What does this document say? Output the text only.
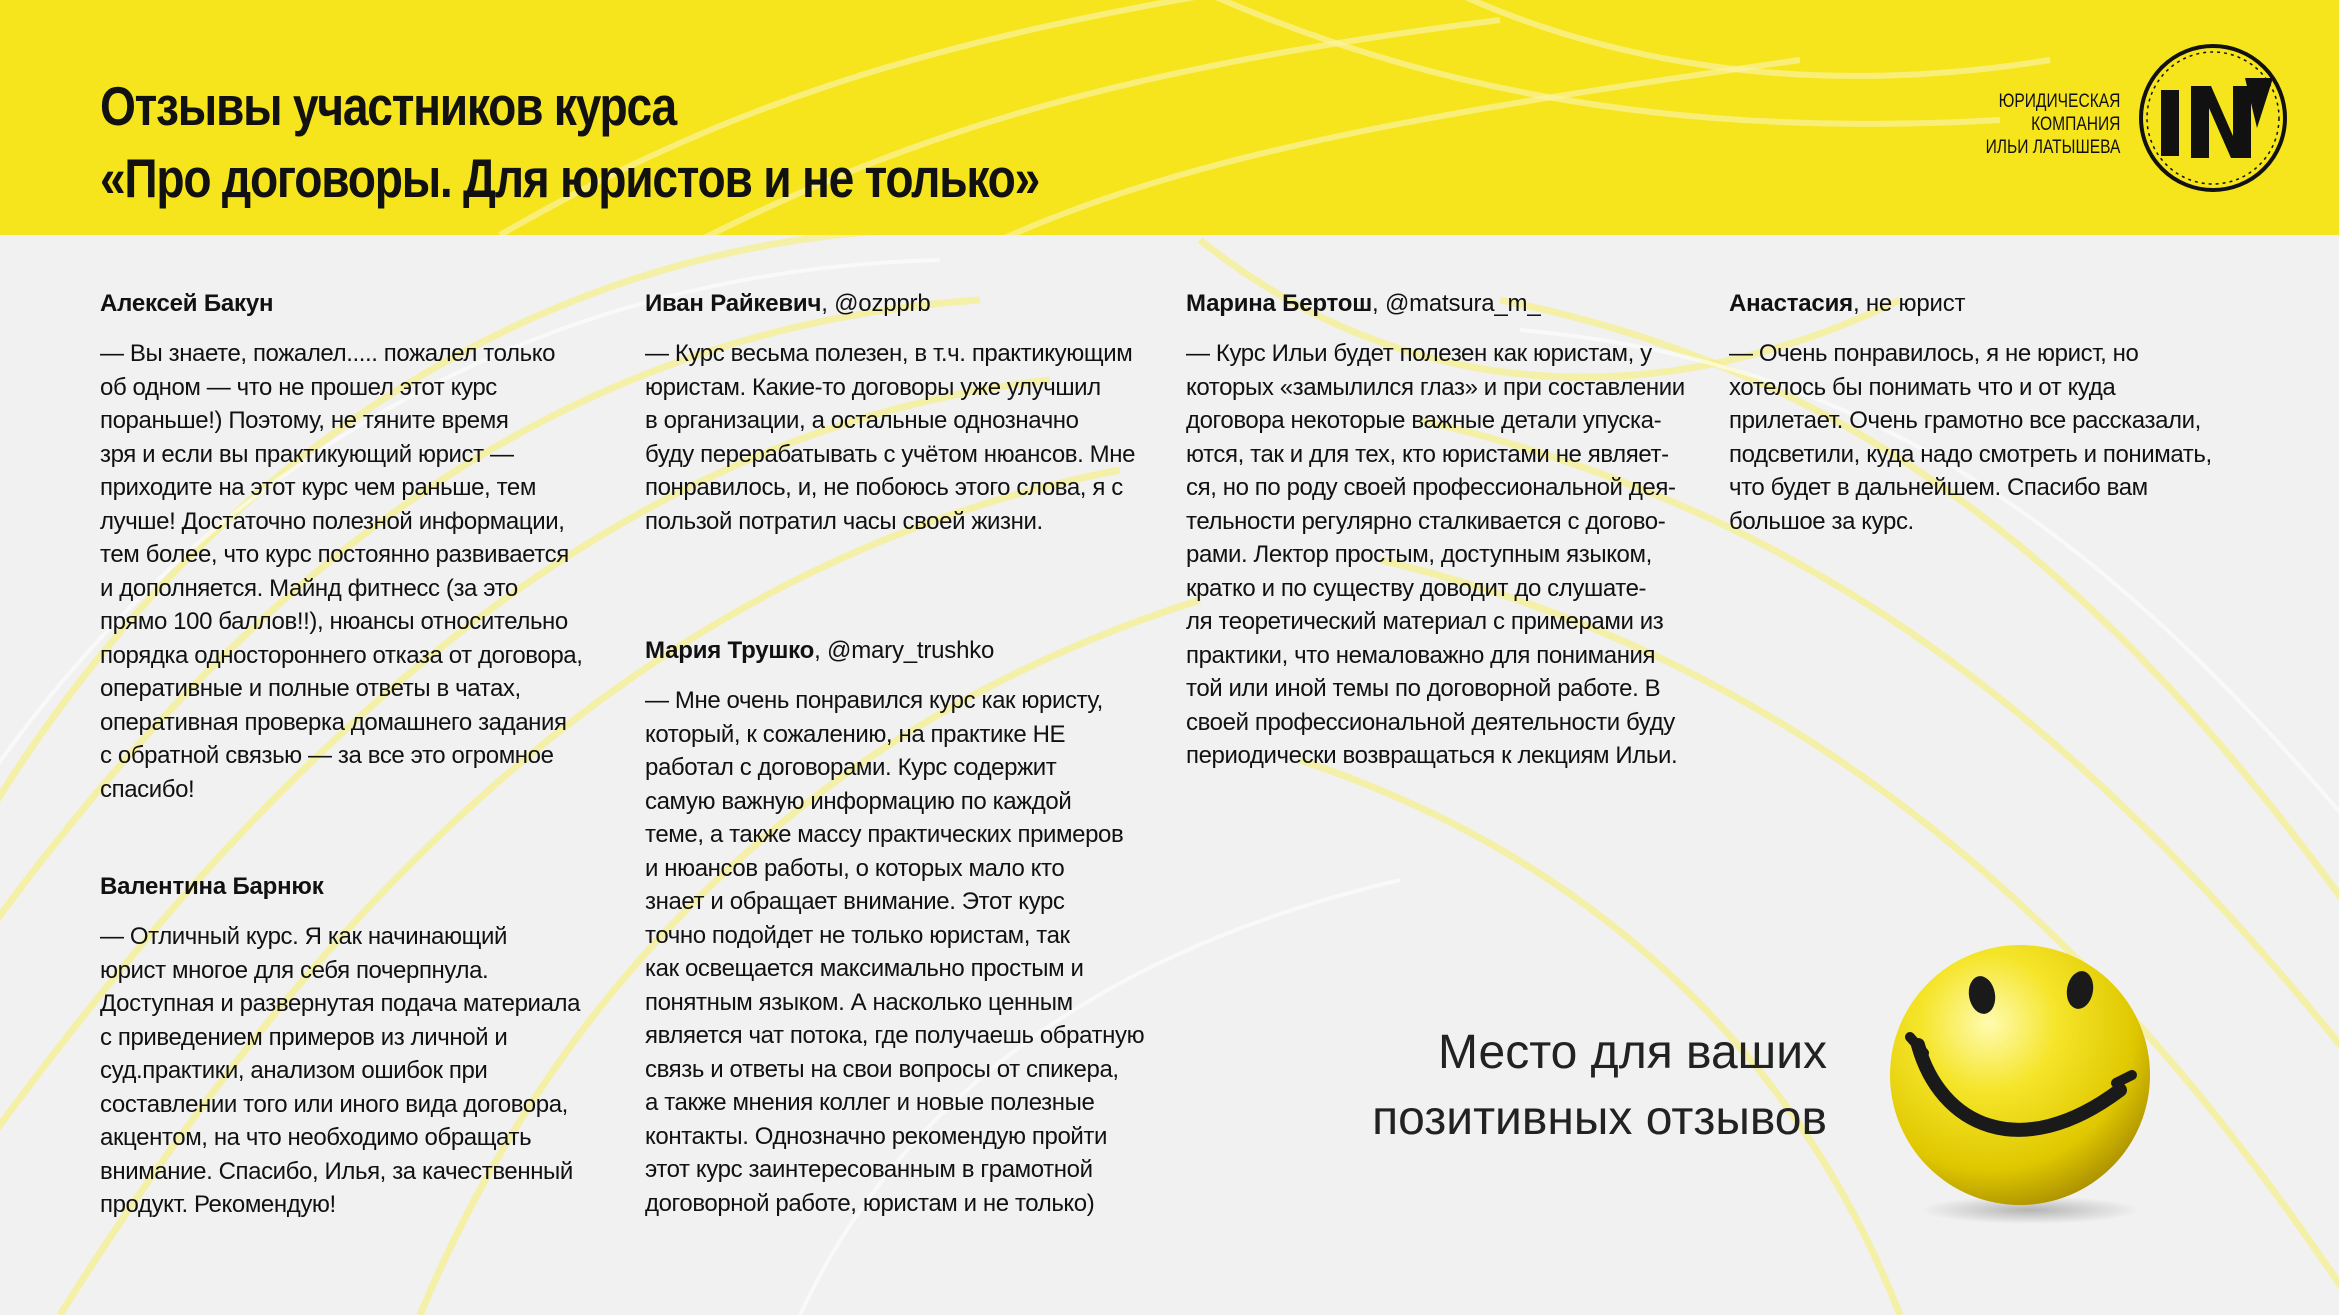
Отзывы участников курса
«Про договоры. Для юристов и не только»
ЮРИДИЧЕСКАЯ
КОМПАНИЯ
ИЛЬИ ЛАТЫШЕВА

Алексей Бакун

— Вы знаете, пожалел..... пожалел только
об одном — что не прошел этот курс
пораньше!) Поэтому, не тяните время
зря и если вы практикующий юрист —
приходите на этот курс чем раньше, тем
лучше! Достаточно полезной информации,
тем более, что курс постоянно развивается
и дополняется. Майнд фитнесс (за это
прямо 100 баллов!!), нюансы относительно
порядка одностороннего отказа от договора,
оперативные и полные ответы в чатах,
оперативная проверка домашнего задания
с обратной связью — за все это огромное
спасибо!

Валентина Барнюк

— Отличный курс. Я как начинающий
юрист многое для себя почерпнула.
Доступная и развернутая подача материала
с приведением примеров из личной и
суд.практики, анализом ошибок при
составлении того или иного вида договора,
акцентом, на что необходимо обращать
внимание. Спасибо, Илья, за качественный
продукт. Рекомендую!

Иван Райкевич, @ozpprb

— Курс весьма полезен, в т.ч. практикующим
юристам. Какие-то договоры уже улучшил
в организации, а остальные однозначно
буду перерабатывать с учётом нюансов. Мне
понравилось, и, не побоюсь этого слова, я с
пользой потратил часы своей жизни.

Мария Трушко, @mary_trushko

— Мне очень понравился курс как юристу,
который, к сожалению, на практике НЕ
работал с договорами. Курс содержит
самую важную информацию по каждой
теме, а также массу практических примеров
и нюансов работы, о которых мало кто
знает и обращает внимание. Этот курс
точно подойдет не только юристам, так
как освещается максимально простым и
понятным языком. А насколько ценным
является чат потока, где получаешь обратную
связь и ответы на свои вопросы от спикера,
а также мнения коллег и новые полезные
контакты. Однозначно рекомендую пройти
этот курс заинтересованным в грамотной
договорной работе, юристам и не только)

Марина Бертош, @matsura_m_

— Курс Ильи будет полезен как юристам, у
которых «замылился глаз» и при составлении
договора некоторые важные детали упуска-
ются, так и для тех, кто юристами не являет-
ся, но по роду своей профессиональной дея-
тельности регулярно сталкивается с догово-
рами. Лектор простым, доступным языком,
кратко и по существу доводит до слушате-
ля теоретический материал с примерами из
практики, что немаловажно для понимания
той или иной темы по договорной работе. В
своей профессиональной деятельности буду
периодически возвращаться к лекциям Ильи.

Анастасия, не юрист

— Очень понравилось, я не юрист, но
хотелось бы понимать что и от куда
прилетает. Очень грамотно все рассказали,
подсветили, куда надо смотреть и понимать,
что будет в дальнейшем. Спасибо вам
большое за курс.

Место для ваших
позитивных отзывов
